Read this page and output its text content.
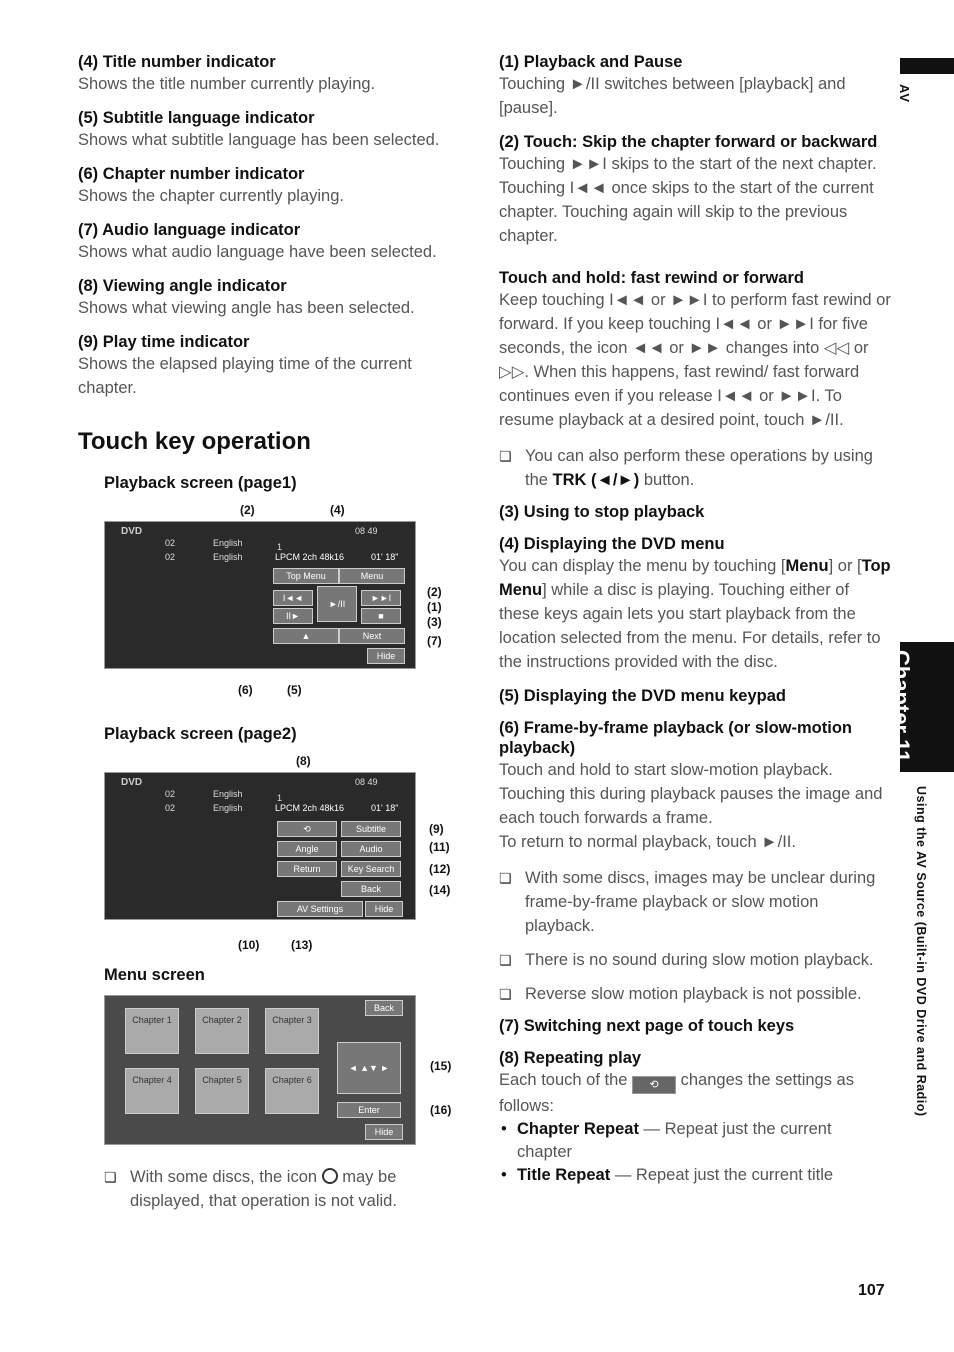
AV
Chapter 11
Using the AV Source (Built-in DVD Drive and Radio)
107
(4) Title number indicator
Shows the title number currently playing.
(5) Subtitle language indicator
Shows what subtitle language has been selected.
(6) Chapter number indicator
Shows the chapter currently playing.
(7) Audio language indicator
Shows what audio language have been selected.
(8) Viewing angle indicator
Shows what viewing angle has been selected.
(9) Play time indicator
Shows the elapsed playing time of the current chapter.
Touch key operation
Playback screen (page1)
(2)	(4)
DVD
02	English
02	English
1
08 49
LPCM 2ch 48k16	01' 18"
Top Menu	Menu
I◄◄
►/II
►►I
II►	■
▲	Next
Hide
(2)
(1)
(3)
(7)
(6)	(5)
Playback screen (page2)
(8)
DVD
02	English
02	English
1
08 49
LPCM 2ch 48k16	01' 18"
⟲	Subtitle
Angle	Audio
Return	Key Search
Back
AV Settings	Hide
(9)
(11)
(12)
(14)
(10)	(13)
Menu screen
Chapter 1	Chapter 2	Chapter 3
Chapter 4	Chapter 5	Chapter 6
Back
◄ ▲▼ ►
Enter
Hide
(15)
(16)
❏ With some discs, the icon may be displayed, that operation is not valid.
(1) Playback and Pause
Touching ►/II switches between [playback] and [pause].
(2) Touch: Skip the chapter forward or backward
Touching ►►I skips to the start of the next chapter. Touching I◄◄ once skips to the start of the current chapter. Touching again will skip to the previous chapter.
Touch and hold: fast rewind or forward
Keep touching I◄◄ or ►►I to perform fast rewind or forward. If you keep touching I◄◄ or ►►I for five seconds, the icon ◄◄ or ►► changes into ◁◁ or ▷▷. When this happens, fast rewind/ fast forward continues even if you release I◄◄ or ►►I. To resume playback at a desired point, touch ►/II.
❏ You can also perform these operations by using the TRK (◄/►) button.
(3) Using to stop playback
(4) Displaying the DVD menu
You can display the menu by touching [Menu] or [Top Menu] while a disc is playing. Touching either of these keys again lets you start playback from the location selected from the menu. For details, refer to the instructions provided with the disc.
(5) Displaying the DVD menu keypad
(6) Frame-by-frame playback (or slow-motion playback)
Touch and hold to start slow-motion playback. Touching this during playback pauses the image and each touch forwards a frame.
To return to normal playback, touch ►/II.
❏ With some discs, images may be unclear during frame-by-frame playback or slow motion playback.
❏ There is no sound during slow motion playback.
❏ Reverse slow motion playback is not possible.
(7) Switching next page of touch keys
(8) Repeating play
Each touch of the ⟲ changes the settings as follows:
• Chapter Repeat — Repeat just the current chapter
• Title Repeat — Repeat just the current title
